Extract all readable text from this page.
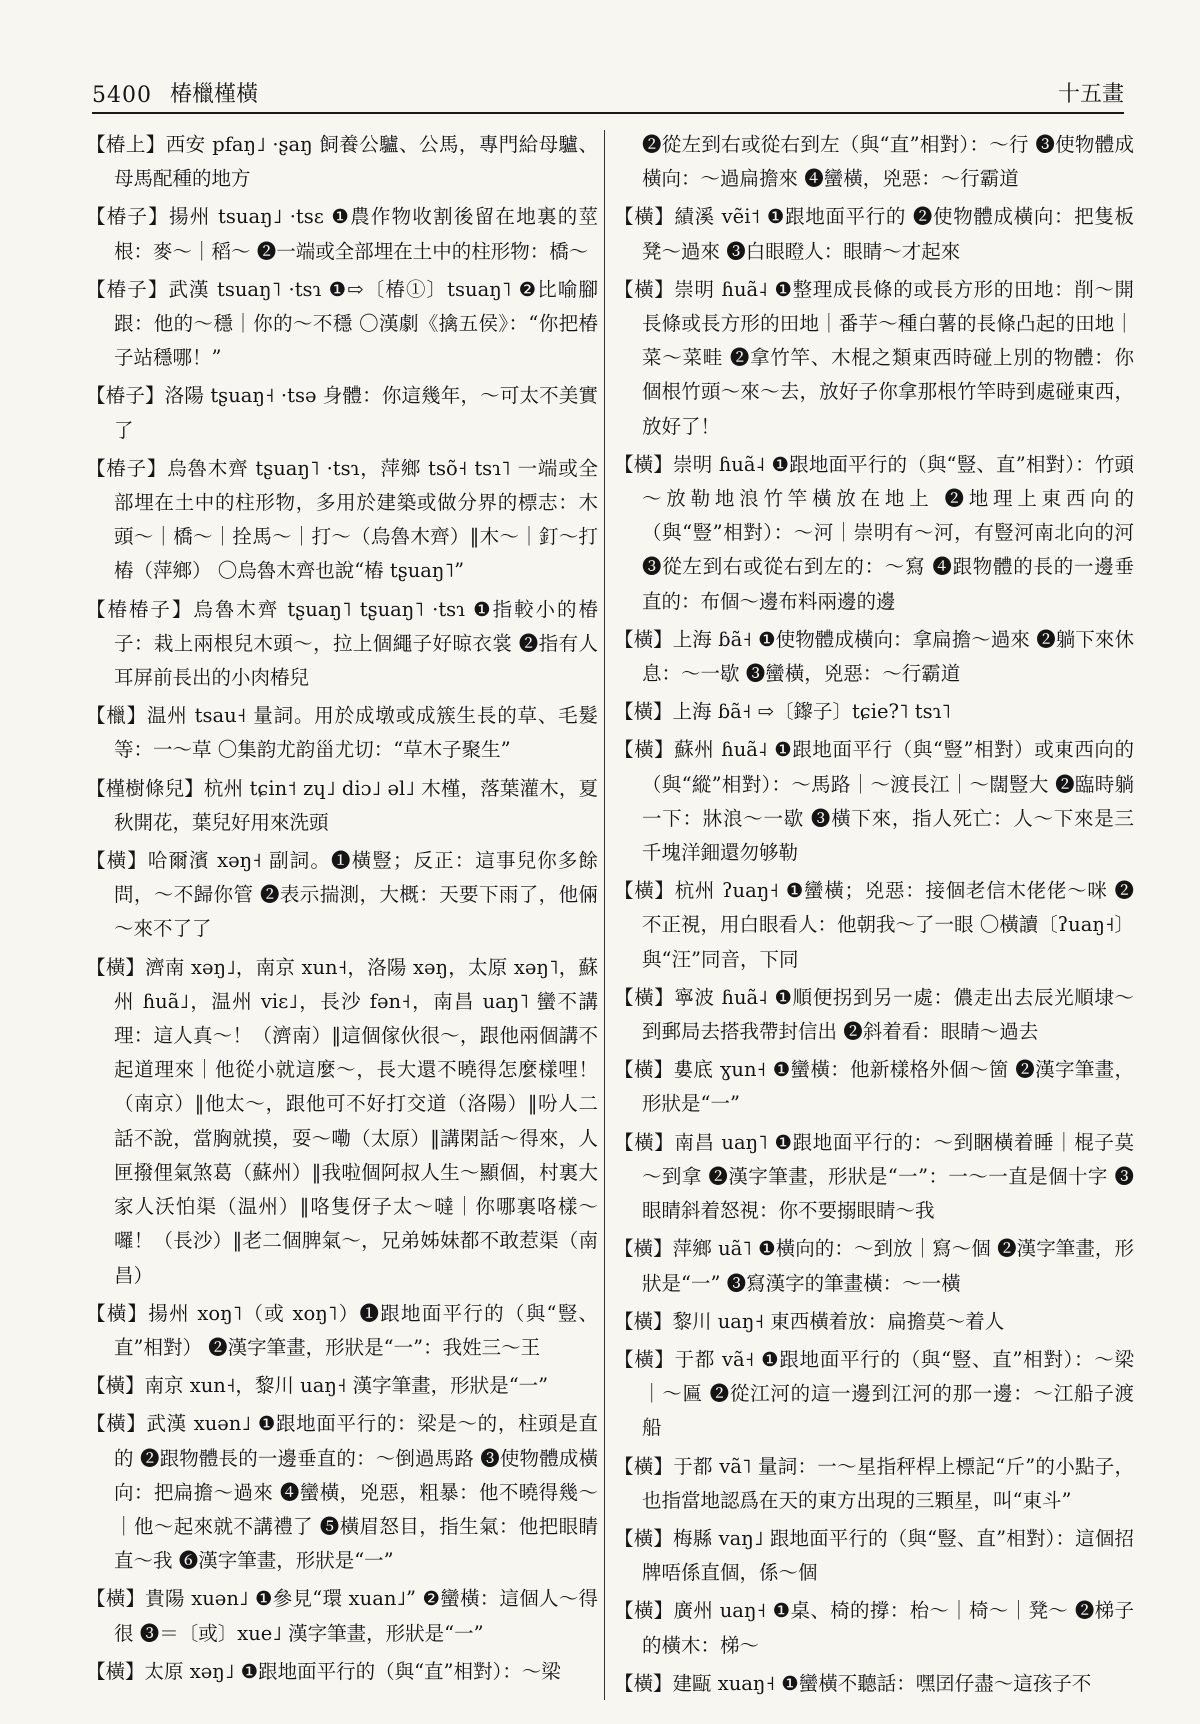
5400 椿㯿槿橫	十五畫

【椿上】西安 pfaŋ˩ ·ʂaŋ 飼養公驢、公馬，專門給母驢、母馬配種的地方

【椿子】揚州 tsuaŋ˩ ·tsɛ ❶農作物收割後留在地裏的莖根：麥～｜稻～ ❷一端或全部埋在土中的柱形物：橋～

【椿子】武漢 tsuaŋ˥ ·tsɿ ❶⇨〔椿①〕tsuaŋ˥ ❷比喻腳跟：他的～穩｜你的～不穩 〇漢劇《擒五侯》：“你把椿子站穩哪！”

【椿子】洛陽 tʂuaŋ˧ ·tsə 身體：你這幾年，～可太不美實了

【椿子】烏魯木齊 tʂuaŋ˥ ·tsɿ，萍鄉 tsõ˧ tsɿ˥ 一端或全部埋在土中的柱形物，多用於建築或做分界的標志：木頭～｜橋～｜拴馬～｜打～（烏魯木齊）‖木～｜釘～打樁（萍鄉） 〇烏魯木齊也說“樁 tʂuaŋ˥”

【椿椿子】烏魯木齊 tʂuaŋ˥ tʂuaŋ˥ ·tsɿ ❶指較小的椿子：栽上兩根兒木頭～，拉上個繩子好晾衣裳 ❷指有人耳屏前長出的小肉椿兒

【㯿】温州 tsau˧ 量詞。用於成墩或成簇生長的草、毛髮等：一～草 〇集韵尤韵甾尤切：“草木子聚生”

【槿樹條兒】杭州 tɕin˦ zɥ˩ diɔ˩ əl˩ 木槿，落葉灌木，夏秋開花，葉兒好用來洗頭

【橫】哈爾濱 xəŋ˧ 副詞。❶橫豎；反正：這事兒你多餘問，～不歸你管 ❷表示揣測，大概：天要下雨了，他倆～來不了了

【橫】濟南 xəŋ˩，南京 xun˧，洛陽 xəŋ，太原 xəŋ˥，蘇州 ɦuã˩，温州 viɛ˩，長沙 fən˧，南昌 uaŋ˥ 蠻不講理：這人真～！（濟南）‖這個傢伙很～，跟他兩個講不起道理來｜他從小就這麼～，長大還不曉得怎麼樣哩！（南京）‖他太～，跟他可不好打交道（洛陽）‖吩人二話不說，當胸就摸，耍～嘞（太原）‖講閑話～得來，人匣撥俚氣煞葛（蘇州）‖我啦個阿叔人生～顯個，村裏大家人沃怕渠（温州）‖咯隻伢子太～噠｜你哪裏咯樣～囉！（長沙）‖老二個脾氣～，兄弟姊妹都不敢惹渠（南昌）

【橫】揚州 xoŋ˥（或 xoŋ˥）❶跟地面平行的（與“豎、直”相對） ❷漢字筆畫，形狀是“一”：我姓三～王

【橫】南京 xun˧，黎川 uaŋ˧ 漢字筆畫，形狀是“一”

【橫】武漢 xuən˩ ❶跟地面平行的：梁是～的，柱頭是直的 ❷跟物體長的一邊垂直的：～倒過馬路 ❸使物體成橫向：把扁擔～過來 ❹蠻橫，兇惡，粗暴：他不曉得幾～｜他～起來就不講禮了 ❺橫眉怒目，指生氣：他把眼睛直～我 ❻漢字筆畫，形狀是“一”

【橫】貴陽 xuən˩ ❶參見“環 xuan˩” ❷蠻橫：這個人～得很 ❸＝〔或〕xue˩ 漢字筆畫，形狀是“一”

【橫】太原 xəŋ˩ ❶跟地面平行的（與“直”相對）：～梁

❷從左到右或從右到左（與“直”相對）：～行 ❸使物體成橫向：～過扁擔來 ❹蠻橫，兇惡：～行霸道

【橫】績溪 vẽi˦ ❶跟地面平行的 ❷使物體成橫向：把隻板凳～過來 ❸白眼瞪人：眼睛～才起來

【橫】崇明 ɦuã˨ ❶整理成長條的或長方形的田地：削～開長條或長方形的田地｜番芋～種白薯的長條凸起的田地｜菜～菜畦 ❷拿竹竿、木棍之類東西時碰上別的物體：你個根竹頭～來～去，放好子你拿那根竹竿時到處碰東西，放好了！

【橫】崇明 ɦuã˨ ❶跟地面平行的（與“豎、直”相對）：竹頭～放勒地浪竹竿橫放在地上 ❷地理上東西向的（與“豎”相對）：～河｜崇明有～河，有豎河南北向的河 ❸從左到右或從右到左的：～寫 ❹跟物體的長的一邊垂直的：布個～邊布料兩邊的邊

【橫】上海 ɓã˧ ❶使物體成橫向：拿扁擔～過來 ❷躺下來休息：～一歇 ❸蠻橫，兇惡：～行霸道

【橫】上海 ɓã˧ ⇨〔鑗子〕tɕie?˥ tsɿ˥

【橫】蘇州 ɦuã˨ ❶跟地面平行（與“豎”相對）或東西向的（與“縱”相對）：～馬路｜～渡長江｜～闊豎大 ❷臨時躺一下：牀浪～一歇 ❸橫下來，指人死亡：人～下來是三千塊洋鈿還勿够勒

【橫】杭州 ʔuaŋ˧ ❶蠻橫；兇惡：接個老信木佬佬～咪 ❷不正視，用白眼看人：他朝我～了一眼 〇橫讀〔ʔuaŋ˧〕與“汪”同音，下同

【橫】寧波 ɦuã˨ ❶順便拐到另一處：儂走出去辰光順埭～到郵局去搭我帶封信出 ❷斜着看：眼睛～過去

【橫】婁底 ɣun˧ ❶蠻橫：他新樣格外個～箇 ❷漢字筆畫，形狀是“一”

【橫】南昌 uaŋ˥ ❶跟地面平行的：～到睏橫着睡｜棍子莫～到拿 ❷漢字筆畫，形狀是“一”：一～一直是個十字 ❸眼睛斜着怒視：你不要搦眼睛～我

【橫】萍鄉 uã˥ ❶橫向的：～到放｜寫～個 ❷漢字筆畫，形狀是“一” ❸寫漢字的筆畫橫：～一橫

【橫】黎川 uaŋ˧ 東西橫着放：扁擔莫～着人

【橫】于都 vã˧ ❶跟地面平行的（與“豎、直”相對）：～梁｜～匾 ❷從江河的這一邊到江河的那一邊：～江船子渡船

【橫】于都 vã˥ 量詞：一～星指秤桿上標記“斤”的小點子，也指當地認爲在天的東方出現的三顆星，叫“東斗”

【橫】梅縣 vaŋ˩ 跟地面平行的（與“豎、直”相對）：這個招牌唔係直個，係～個

【橫】廣州 uaŋ˧ ❶桌、椅的撐：枱～｜椅～｜凳～ ❷梯子的橫木：梯～

【橫】建甌 xuaŋ˧ ❶蠻橫不聽話：嘿囝仔盡～這孩子不
